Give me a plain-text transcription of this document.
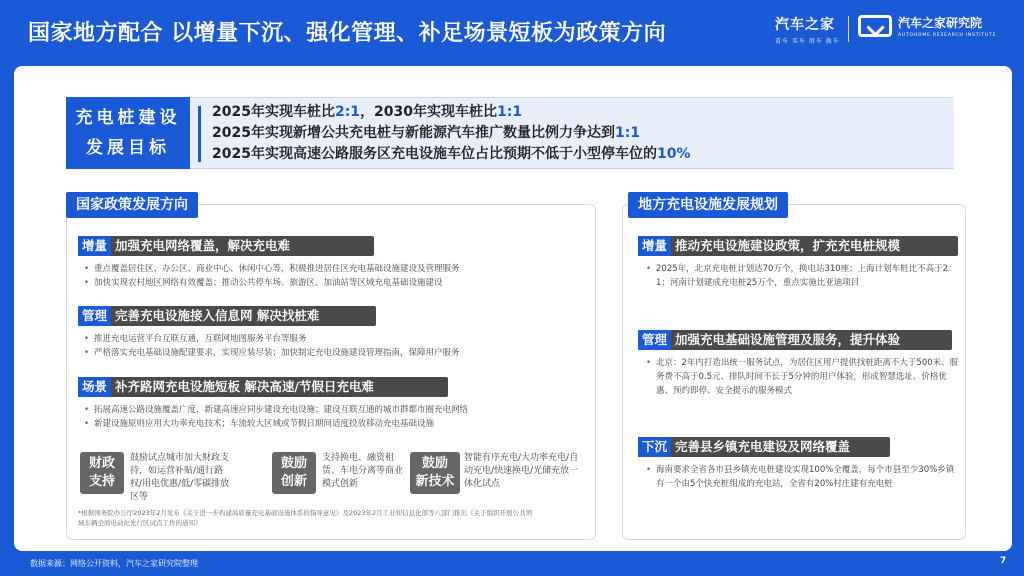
国家地方配合 以增量下沉、强化管理、补足场景短板为政策方向	汽车之家
看车 买车 用车 换车
汽车之家研究院
AUTOHOME RESEARCH INSTITUTE
充电桩建设
发展目标
2025年实现车桩比2:1，2030年实现车桩比1:1
2025年实现新增公共充电桩与新能源汽车推广数量比例力争达到1:1
2025年实现高速公路服务区充电设施车位占比预期不低于小型停车位的10%
国家政策发展方向	地方充电设施发展规划
增量 加强充电网络覆盖，解决充电难
• 重点覆盖居住区、办公区、商业中心、休闲中心等，积极推进居住区充电基础设施建设及管理服务
• 加快实现农村地区网络有效覆盖；推动公共停车场、旅游区、加油站等区域充电基础设施建设
管理 完善充电设施接入信息网 解决找桩难
• 推进充电运营平台互联互通，互联网地图服务平台等服务
• 严格落实充电基础设施配建要求，实现应装尽装；加快制定充电设施建设管理指南，保障用户服务
场景 补齐路网充电设施短板 解决高速/节假日充电难
• 拓展高速公路设施覆盖广度，新建高速应同步建设充电设施；建设互联互通的城市群都市圈充电网络
• 新建设施原则应用大功率充电技术；车流较大区域或节假日期间适度投放移动充电基础设施
财政
支持
鼓励试点城市加大财政支持，如运营补贴/通行路权/用电优惠/低/零碳排放区等
鼓励
创新
支持换电、融资租赁、车电分离等商业模式创新
鼓励
新技术
智能有序充电/大功率充电/自动充电/快速换电/光储充放一体化试点
*根据国务院办公厅2023年2月发布《关于进一步构建高质量充电基础设施体系的指导意见》及2023年2月工业和信息化部等八部门推出《关于组织开展公共领域车辆全面电动化先行区试点工作的通知》
增量 推动充电设施建设政策，扩充充电桩规模
• 2025年，北京充电桩计划达70万个，换电站310座；上海计划车桩比不高于2：1；河南计划建成充电桩25万个，重点实施比亚迪项目
管理 加强充电基础设施管理及服务，提升体验
• 北京：2年内打造出统一服务试点，为居住区用户提供找桩距离不大于500米、服务费不高于0.5元、排队时间不长于5分钟的用户体验，形成智慧选址、价格优惠、预约即停、安全提示的服务模式
下沉 完善县乡镇充电建设及网络覆盖
• 海南要求全省各市县乡镇充电桩建设实现100%全覆盖，每个市县至少30%乡镇有一个由5个快充桩组成的充电站，全省有20%村庄建有充电桩
数据来源：网络公开资料，汽车之家研究院整理	7
